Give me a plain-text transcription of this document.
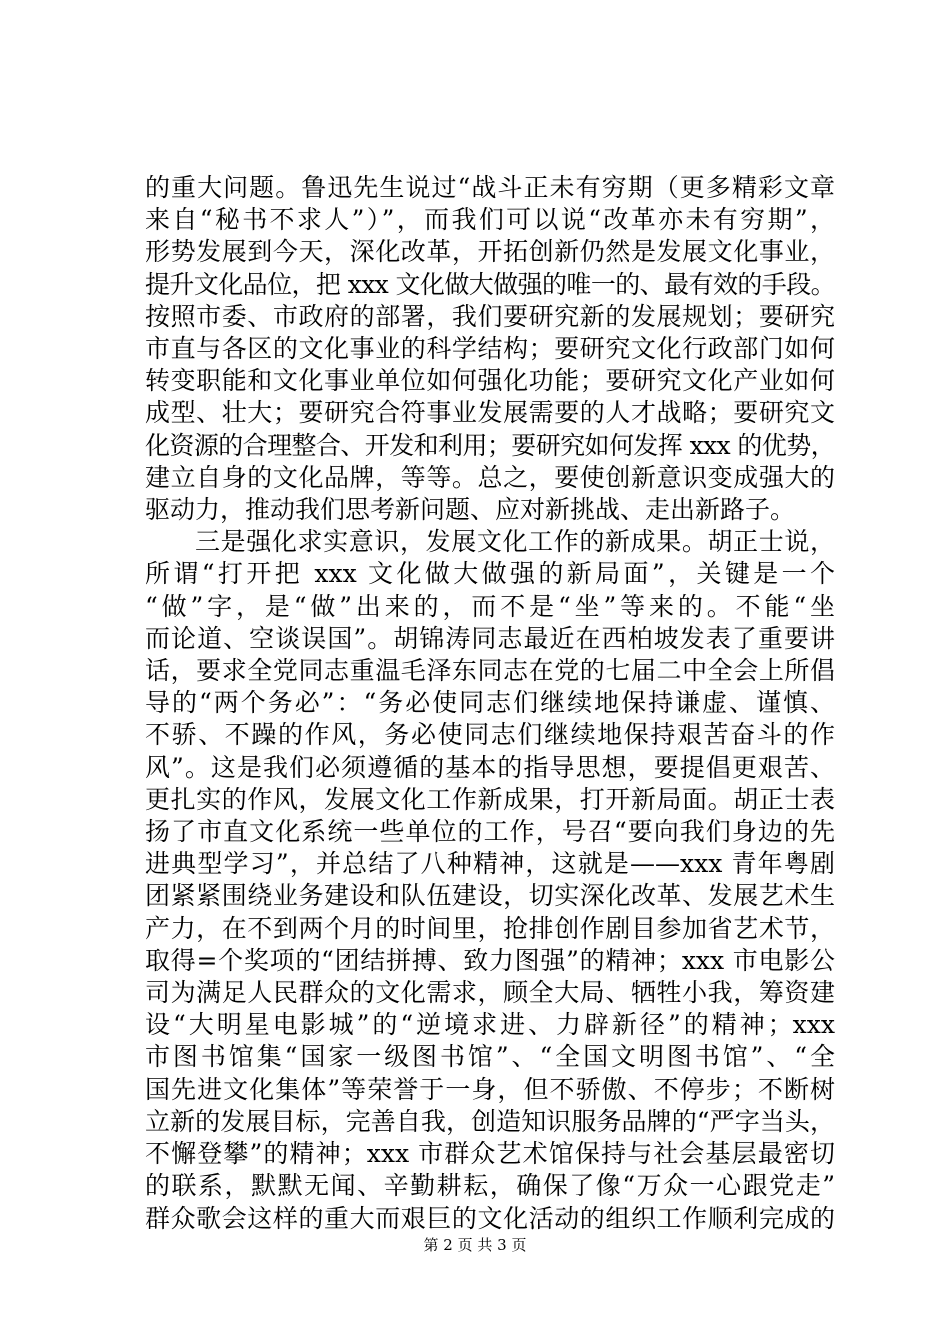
的重大问题。鲁迅先生说过“战斗正未有穷期（更多精彩文章
来自“秘书不求人”）”，而我们可以说“改革亦未有穷期”，
形势发展到今天，深化改革，开拓创新仍然是发展文化事业，
提升文化品位，把 xxx 文化做大做强的唯一的、最有效的手段。
按照市委、市政府的部署，我们要研究新的发展规划；要研究
市直与各区的文化事业的科学结构；要研究文化行政部门如何
转变职能和文化事业单位如何强化功能；要研究文化产业如何
成型、壮大；要研究合符事业发展需要的人才战略；要研究文
化资源的合理整合、开发和利用；要研究如何发挥 xxx 的优势，
建立自身的文化品牌，等等。总之，要使创新意识变成强大的
驱动力，推动我们思考新问题、应对新挑战、走出新路子。
三是强化求实意识，发展文化工作的新成果。胡正士说，
所谓“打开把 xxx 文化做大做强的新局面”，关键是一个
“做”字，是“做”出来的，而不是“坐”等来的。不能“坐
而论道、空谈误国”。胡锦涛同志最近在西柏坡发表了重要讲
话，要求全党同志重温毛泽东同志在党的七届二中全会上所倡
导的“两个务必”：“务必使同志们继续地保持谦虚、谨慎、
不骄、不躁的作风，务必使同志们继续地保持艰苦奋斗的作
风”。这是我们必须遵循的基本的指导思想，要提倡更艰苦、
更扎实的作风，发展文化工作新成果，打开新局面。胡正士表
扬了市直文化系统一些单位的工作，号召“要向我们身边的先
进典型学习”，并总结了八种精神，这就是——xxx 青年粤剧
团紧紧围绕业务建设和队伍建设，切实深化改革、发展艺术生
产力，在不到两个月的时间里，抢排创作剧目参加省艺术节，
取得=个奖项的“团结拼搏、致力图强”的精神；xxx 市电影公
司为满足人民群众的文化需求，顾全大局、牺牲小我，筹资建
设“大明星电影城”的“逆境求进、力辟新径”的精神；xxx
市图书馆集“国家一级图书馆”、“全国文明图书馆”、“全
国先进文化集体”等荣誉于一身，但不骄傲、不停步；不断树
立新的发展目标，完善自我，创造知识服务品牌的“严字当头，
不懈登攀”的精神；xxx 市群众艺术馆保持与社会基层最密切
的联系，默默无闻、辛勤耕耘，确保了像“万众一心跟党走”
群众歌会这样的重大而艰巨的文化活动的组织工作顺利完成的
第 2 页 共 3 页
